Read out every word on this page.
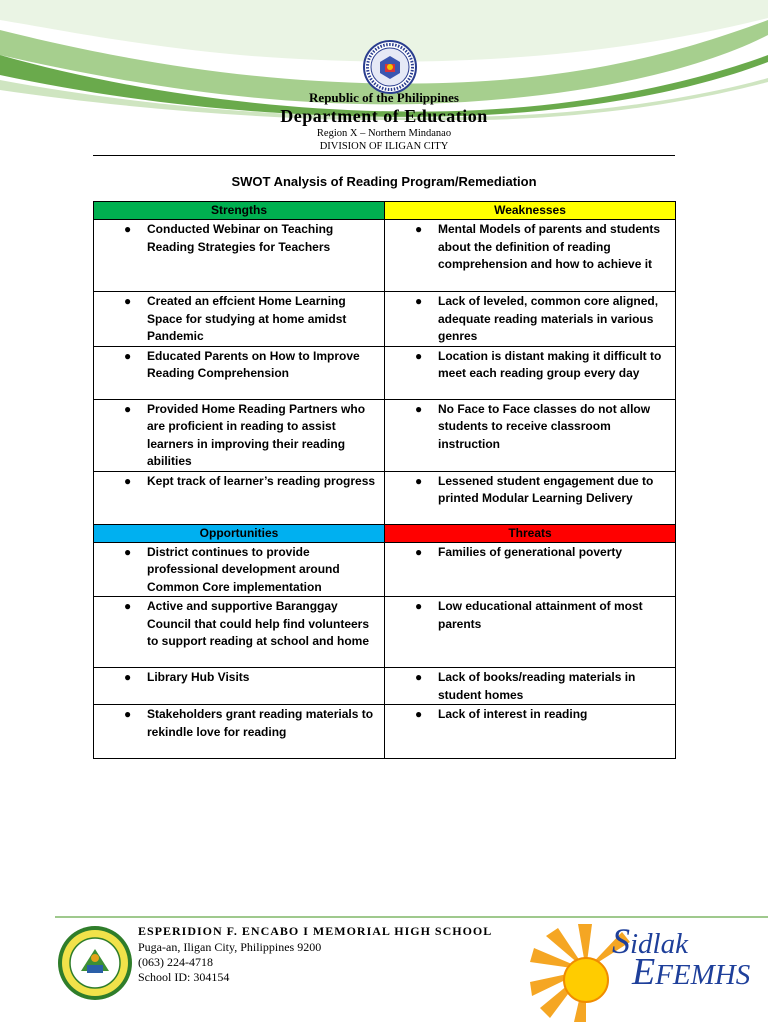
Republic of the Philippines
Department of Education
Region X – Northern Mindanao
DIVISION OF ILIGAN CITY
SWOT Analysis of Reading Program/Remediation
Strengths	Weaknesses

● Conducted Webinar on Teaching Reading Strategies for Teachers	● Mental Models of parents and students about the definition of reading comprehension and how to achieve it

● Created an effcient Home Learning Space for studying at home amidst Pandemic	● Lack of leveled, common core aligned, adequate reading materials in various genres

● Educated Parents on How to Improve Reading Comprehension	● Location is distant making it difficult to meet each reading group every day

● Provided Home Reading Partners who are proficient in reading to assist learners in improving their reading abilities	● No Face to Face classes do not allow students to receive classroom instruction

● Kept track of learner’s reading progress	● Lessened student engagement due to printed Modular Learning Delivery

Opportunities	Threats

● District continues to provide professional development around Common Core implementation	● Families of generational poverty

● Active and supportive Baranggay Council that could help find volunteers to support reading at school and home	● Low educational attainment of most parents

● Library Hub Visits	● Lack of books/reading materials in student homes

● Stakeholders grant reading materials to rekindle love for reading	● Lack of interest in reading
ESPERIDION F. ENCABO I MEMORIAL HIGH SCHOOL
Puga-an, Iligan City, Philippines 9200
(063) 224-4718
School ID: 304154
Sidlak
EFEMHS
